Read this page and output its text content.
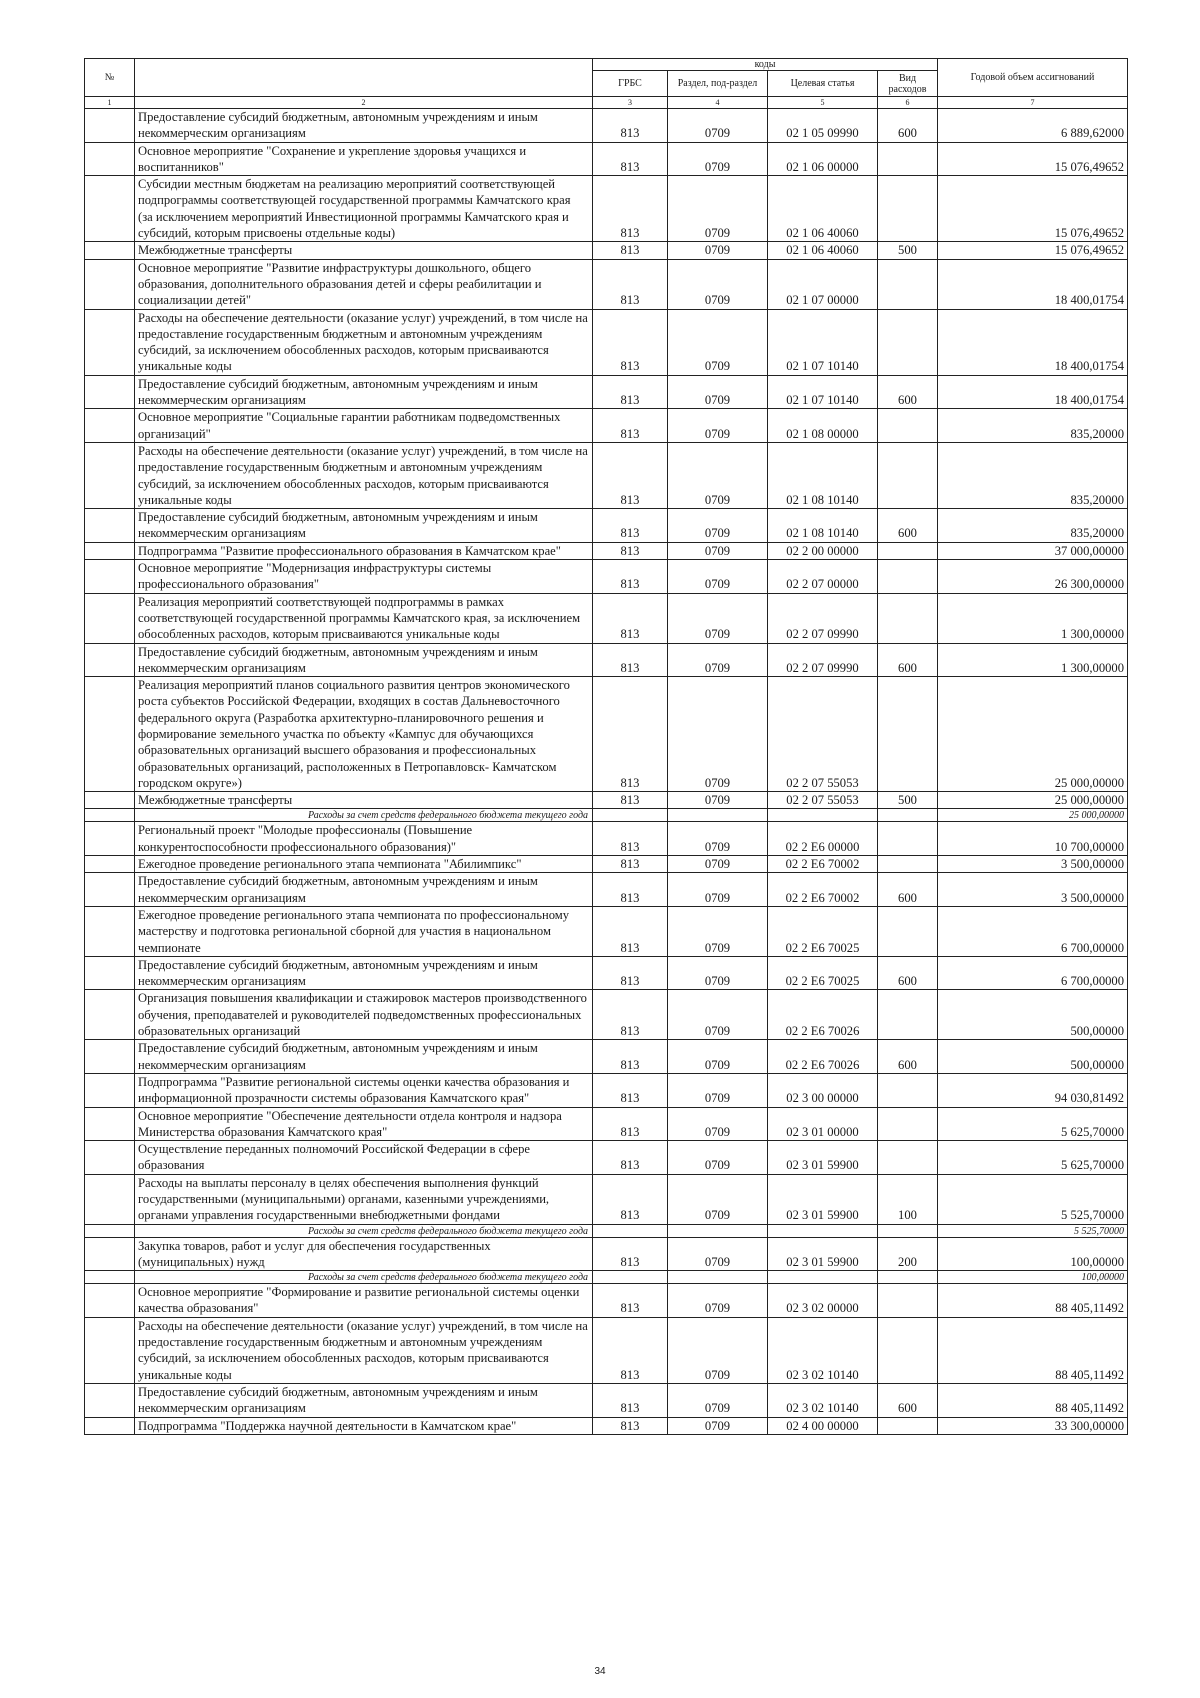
№		коды				Годовой объем ассигнований
		ГРБС	Раздел, под-раздел	Целевая статья	Вид расходов	
1	2	3	4	5	6	7
	Предоставление субсидий бюджетным, автономным учреждениям и иным некоммерческим организациям	813	0709	02 1 05 09990	600	6 889,62000
	Основное мероприятие "Сохранение и укрепление здоровья учащихся и воспитанников"	813	0709	02 1 06 00000		15 076,49652
	Субсидии местным бюджетам на реализацию мероприятий соответствующей подпрограммы соответствующей государственной программы Камчатского края (за исключением мероприятий Инвестиционной программы Камчатского края и субсидий, которым присвоены отдельные коды)	813	0709	02 1 06 40060		15 076,49652
	Межбюджетные трансферты	813	0709	02 1 06 40060	500	15 076,49652
	Основное мероприятие "Развитие инфраструктуры дошкольного, общего образования, дополнительного образования детей и сферы реабилитации и социализации детей"	813	0709	02 1 07 00000		18 400,01754
	Расходы на обеспечение деятельности (оказание услуг) учреждений, в том числе на предоставление государственным бюджетным и автономным учреждениям субсидий, за исключением обособленных расходов, которым присваиваются уникальные коды	813	0709	02 1 07 10140		18 400,01754
	Предоставление субсидий бюджетным, автономным учреждениям и иным некоммерческим организациям	813	0709	02 1 07 10140	600	18 400,01754
	Основное мероприятие "Социальные гарантии работникам подведомственных организаций"	813	0709	02 1 08 00000		835,20000
	Расходы на обеспечение деятельности (оказание услуг) учреждений, в том числе на предоставление государственным бюджетным и автономным учреждениям субсидий, за исключением обособленных расходов, которым присваиваются уникальные коды	813	0709	02 1 08 10140		835,20000
	Предоставление субсидий бюджетным, автономным учреждениям и иным некоммерческим организациям	813	0709	02 1 08 10140	600	835,20000
	Подпрограмма "Развитие профессионального образования в Камчатском крае"	813	0709	02 2 00 00000		37 000,00000
	Основное мероприятие "Модернизация инфраструктуры системы профессионального образования"	813	0709	02 2 07 00000		26 300,00000
	Реализация мероприятий соответствующей подпрограммы в рамках соответствующей государственной программы Камчатского края, за исключением обособленных расходов, которым присваиваются уникальные коды	813	0709	02 2 07 09990		1 300,00000
	Предоставление субсидий бюджетным, автономным учреждениям и иным некоммерческим организациям	813	0709	02 2 07 09990	600	1 300,00000
	Реализация мероприятий планов социального развития центров экономического роста субъектов Российской Федерации, входящих в состав Дальневосточного федерального округа (Разработка архитектурно-планировочного решения и формирование земельного участка по объекту «Кампус для обучающихся образовательных организаций высшего образования и профессиональных образовательных организаций, расположенных в Петропавловск- Камчатском городском округе»)	813	0709	02 2 07 55053		25 000,00000
	Межбюджетные трансферты	813	0709	02 2 07 55053	500	25 000,00000
	Расходы за счет средств федерального бюджета текущего года					25 000,00000
	Региональный проект "Молодые профессионалы (Повышение конкурентоспособности профессионального образования)"	813	0709	02 2 E6 00000		10 700,00000
	Ежегодное проведение регионального этапа чемпионата "Абилимпикс"	813	0709	02 2 E6 70002		3 500,00000
	Предоставление субсидий бюджетным, автономным учреждениям и иным некоммерческим организациям	813	0709	02 2 E6 70002	600	3 500,00000
	Ежегодное проведение регионального этапа чемпионата по профессиональному мастерству и подготовка региональной сборной для участия в национальном чемпионате	813	0709	02 2 E6 70025		6 700,00000
	Предоставление субсидий бюджетным, автономным учреждениям и иным некоммерческим организациям	813	0709	02 2 E6 70025	600	6 700,00000
	Организация повышения квалификации и стажировок мастеров производственного обучения, преподавателей и руководителей подведомственных профессиональных образовательных организаций	813	0709	02 2 E6 70026		500,00000
	Предоставление субсидий бюджетным, автономным учреждениям и иным некоммерческим организациям	813	0709	02 2 E6 70026	600	500,00000
	Подпрограмма "Развитие региональной системы оценки качества образования и информационной прозрачности системы образования Камчатского края"	813	0709	02 3 00 00000		94 030,81492
	Основное мероприятие "Обеспечение деятельности отдела контроля и надзора Министерства образования Камчатского края"	813	0709	02 3 01 00000		5 625,70000
	Осуществление переданных полномочий Российской Федерации в сфере образования	813	0709	02 3 01 59900		5 625,70000
	Расходы на выплаты персоналу в целях обеспечения выполнения функций государственными (муниципальными) органами, казенными учреждениями, органами управления государственными внебюджетными фондами	813	0709	02 3 01 59900	100	5 525,70000
	Расходы за счет средств федерального бюджета текущего года					5 525,70000
	Закупка товаров, работ и услуг для обеспечения государственных (муниципальных) нужд	813	0709	02 3 01 59900	200	100,00000
	Расходы за счет средств федерального бюджета текущего года					100,00000
	Основное мероприятие "Формирование и развитие региональной системы оценки качества образования"	813	0709	02 3 02 00000		88 405,11492
	Расходы на обеспечение деятельности (оказание услуг) учреждений, в том числе на предоставление государственным бюджетным и автономным учреждениям субсидий, за исключением обособленных расходов, которым присваиваются уникальные коды	813	0709	02 3 02 10140		88 405,11492
	Предоставление субсидий бюджетным, автономным учреждениям и иным некоммерческим организациям	813	0709	02 3 02 10140	600	88 405,11492
	Подпрограмма "Поддержка научной деятельности в Камчатском крае"	813	0709	02 4 00 00000		33 300,00000
34
